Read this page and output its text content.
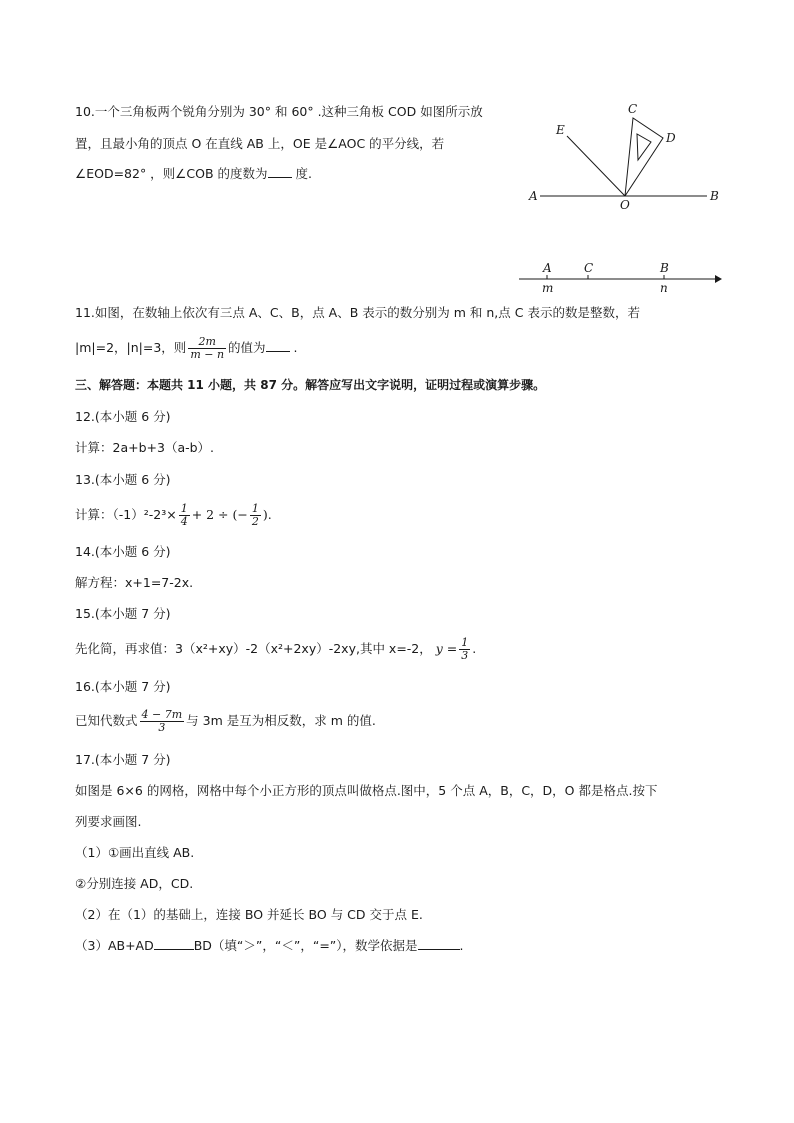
10.一个三角板两个锐角分别为 30° 和 60° .这种三角板 COD 如图所示放
置，且最小角的顶点 O 在直线 AB 上，OE 是∠AOC 的平分线，若
∠EOD=82° ，则∠COB 的度数为 度.
A	B
C
D
E
O
A	C	B
m	n
11.如图，在数轴上依次有三点 A、C、B，点 A、B 表示的数分别为 m 和 n,点 C 表示的数是整数，若
|m|=2，|n|=3，则 $\frac{2m}{m - n}$ 的值为 .
三、解答题：本题共 11 小题，共 87 分。解答应写出文字说明，证明过程或演算步骤。
12.(本小题 6 分)
计算：2a+b+3（a-b）.
13.(本小题 6 分)
计算：$(-1)^2-2^3\times \frac{1}{4} + 2$ ÷ (− $\frac{1}{2}$ ).
14.(本小题 6 分)
解方程：x+1=7-2x.
15.(本小题 7 分)
先化简，再求值：3（x²+xy）-2（x²+2xy）-2xy,其中 x=-2， $y = \frac{1}{3}$ .
16.(本小题 7 分)
已知代数式 $\frac{4 - 7m}{3}$ 与 3m 是互为相反数，求 m 的值.
17.(本小题 7 分)
如图是 6×6 的网格，网格中每个小正方形的顶点叫做格点.图中，5 个点 A，B，C，D，O 都是格点.按下
列要求画图.
（1）①画出直线 AB.
②分别连接 AD，CD.
（2）在（1）的基础上，连接 BO 并延长 BO 与 CD 交于点 E.
（3）AB+AD	BD（填“＞”，“＜”，“=”），数学依据是	.
